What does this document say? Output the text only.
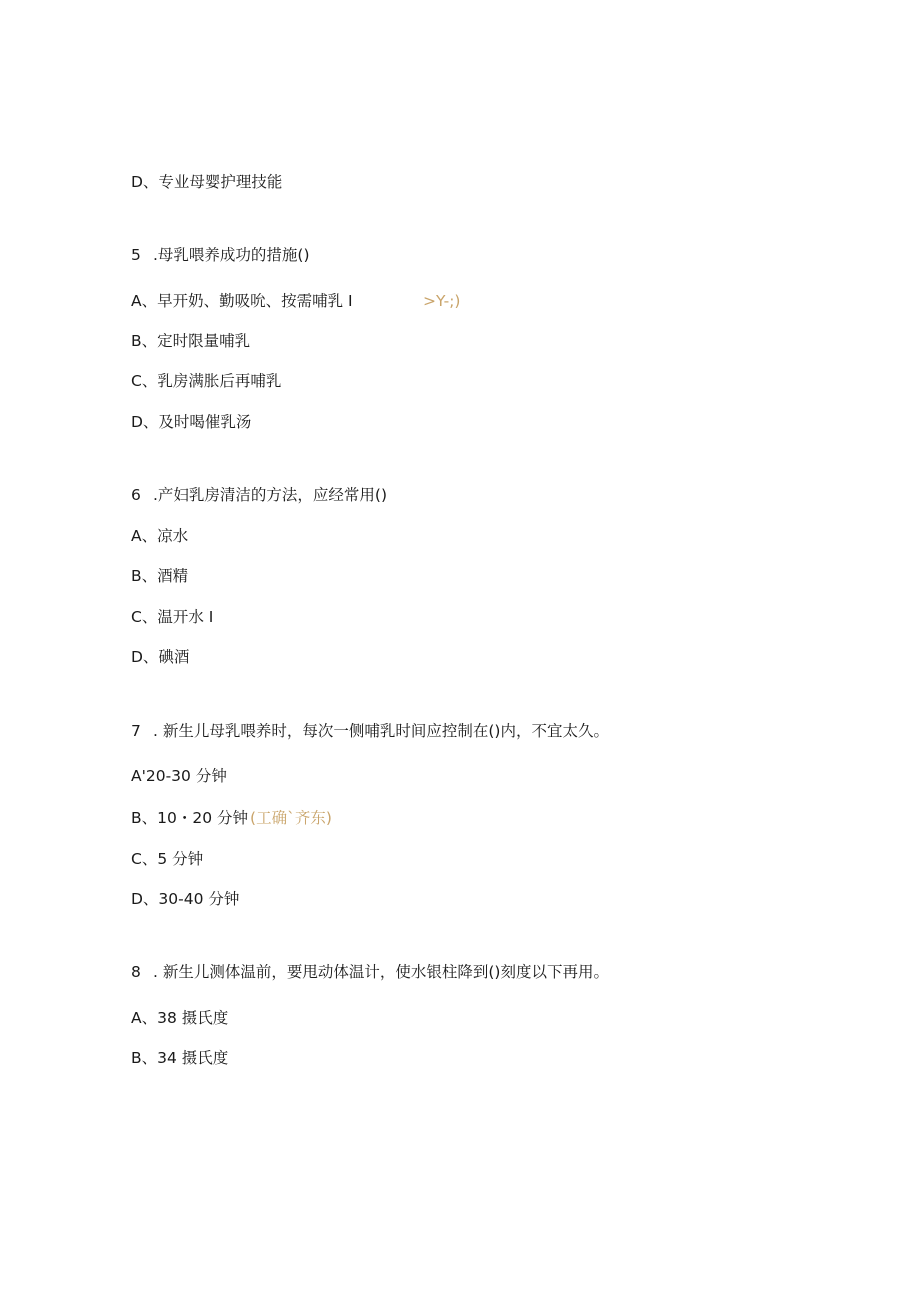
D、专业母婴护理技能
5 .母乳喂养成功的措施()
A、早开奶、勤吸吮、按需哺乳 I	>Y-;)
B、定时限量哺乳
C、乳房满胀后再哺乳
D、及时喝催乳汤
6 .产妇乳房清洁的方法，应经常用()
A、凉水
B、酒精
C、温开水 I
D、碘酒
7 . 新生儿母乳喂养时，每次一侧哺乳时间应控制在()内，不宜太久。
A'20-30 分钟
B、10・20 分钟 (工确`齐东)
C、5 分钟
D、30-40 分钟
8 . 新生儿测体温前，要甩动体温计，使水银柱降到()刻度以下再用。
A、38 摄氏度
B、34 摄氏度
